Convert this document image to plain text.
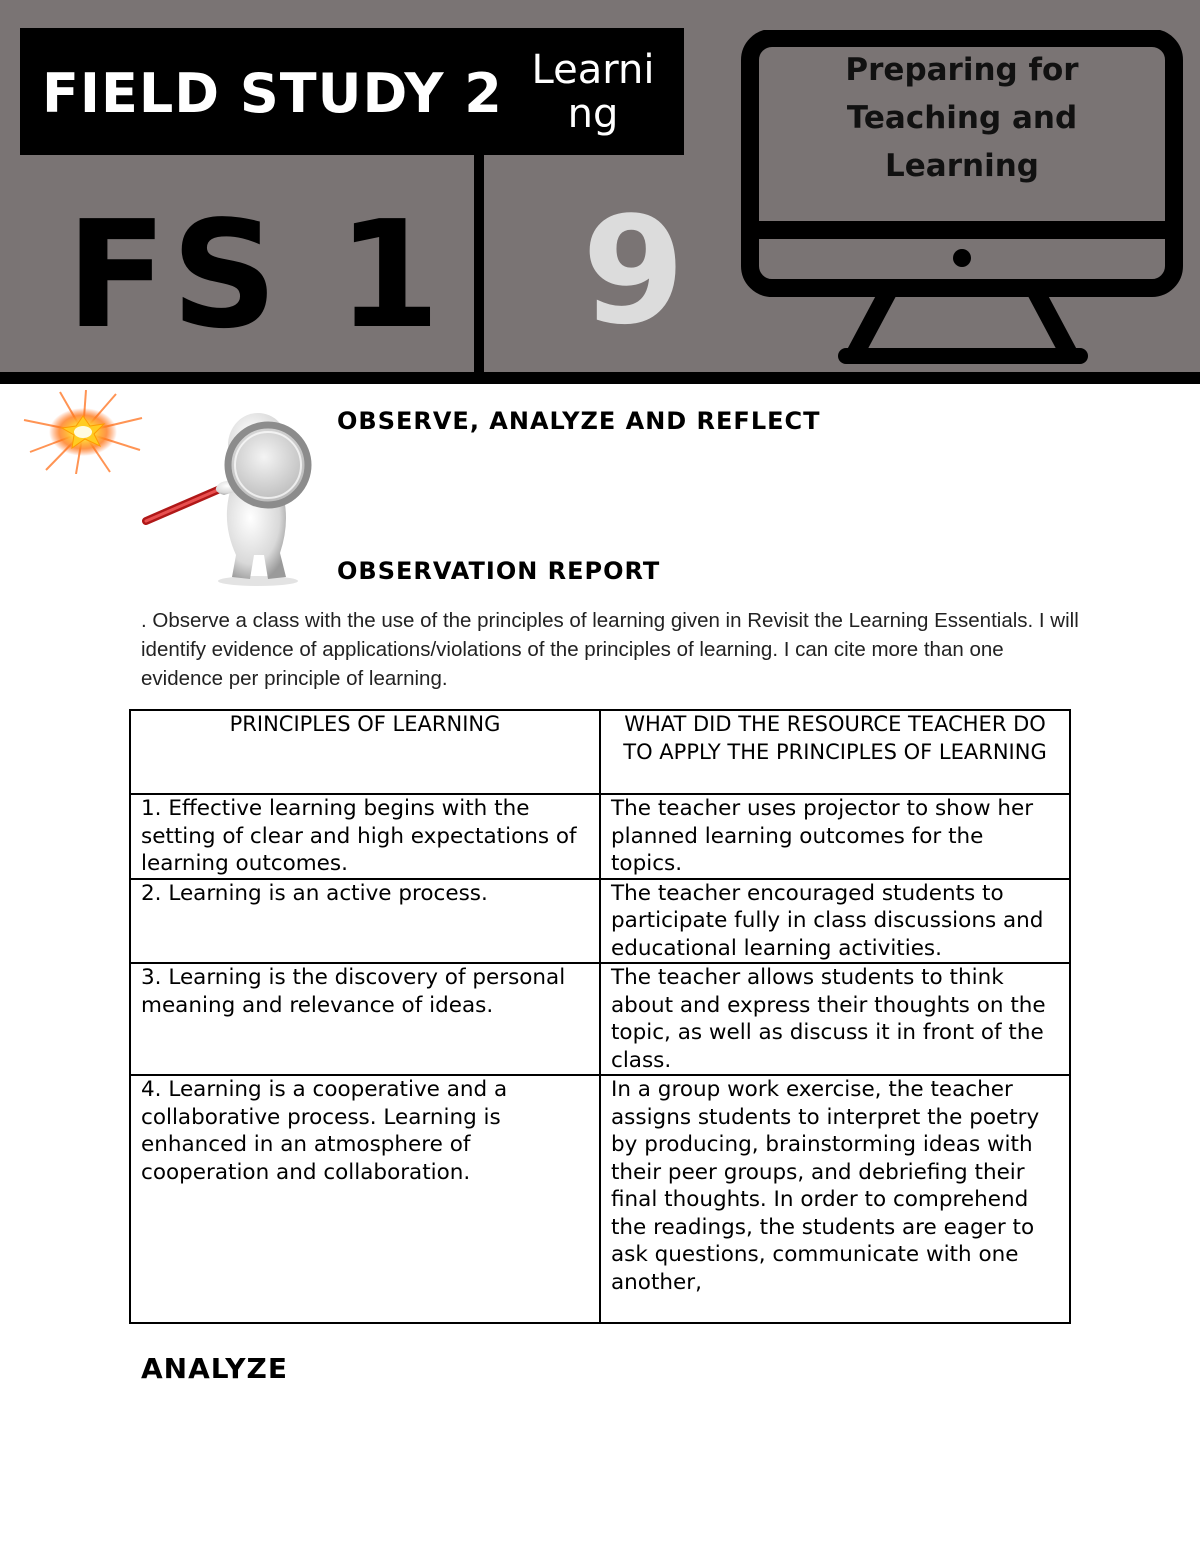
FIELD STUDY 2 Learning
FS 1 9
Preparing for
Teaching and Learning
OBSERVE, ANALYZE AND REFLECT
OBSERVATION REPORT
. Observe a class with the use of the principles of learning given in Revisit the Learning Essentials. I will identify evidence of applications/violations of the principles of learning. I can cite more than one evidence per principle of learning.
PRINCIPLES OF LEARNING	WHAT DID THE RESOURCE TEACHER DO TO APPLY THE PRINCIPLES OF LEARNING
1. Effective learning begins with the setting of clear and high expectations of learning outcomes.	The teacher uses projector to show her planned learning outcomes for the topics.
2. Learning is an active process.	The teacher encouraged students to participate fully in class discussions and educational learning activities.
3. Learning is the discovery of personal meaning and relevance of ideas.	The teacher allows students to think about and express their thoughts on the topic, as well as discuss it in front of the class.
4. Learning is a cooperative and a collaborative process. Learning is enhanced in an atmosphere of cooperation and collaboration.	In a group work exercise, the teacher assigns students to interpret the poetry by producing, brainstorming ideas with their peer groups, and debriefing their final thoughts. In order to comprehend the readings, the students are eager to ask questions, communicate with one another,
ANALYZE
